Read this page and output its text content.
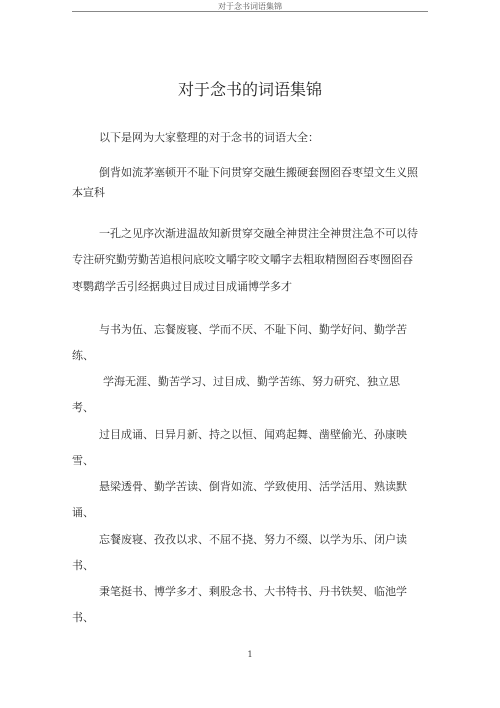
对于念书词语集锦
对于念书的词语集锦
以下是网为大家整理的对于念书的词语大全：
倒背如流茅塞顿开不耻下问贯穿交融生搬硬套囫囵吞枣望文生义照
本宣科
一孔之见序次渐进温故知新贯穿交融全神贯注全神贯注急不可以待
专注研究勤劳勤苦追根问底咬文嚼字咬文嚼字去粗取精囫囵吞枣囫囵吞
枣鹦鹉学舌引经据典过目成过目成诵博学多才
与书为伍、忘餐废寝、学而不厌、不耻下问、勤学好问、勤学苦
练、
学海无涯、勤苦学习、过目成、勤学苦练、努力研究、独立思
考、
过目成诵、日异月新、持之以恒、闻鸡起舞、凿壁偷光、孙康映
雪、
悬梁透骨、勤学苦读、倒背如流、学致使用、活学活用、熟读默
诵、
忘餐废寝、孜孜以求、不屈不挠、努力不缀、以学为乐、闭户读
书、
秉笔挺书、博学多才、剩股念书、大书特书、丹书铁契、临池学
书、
1
